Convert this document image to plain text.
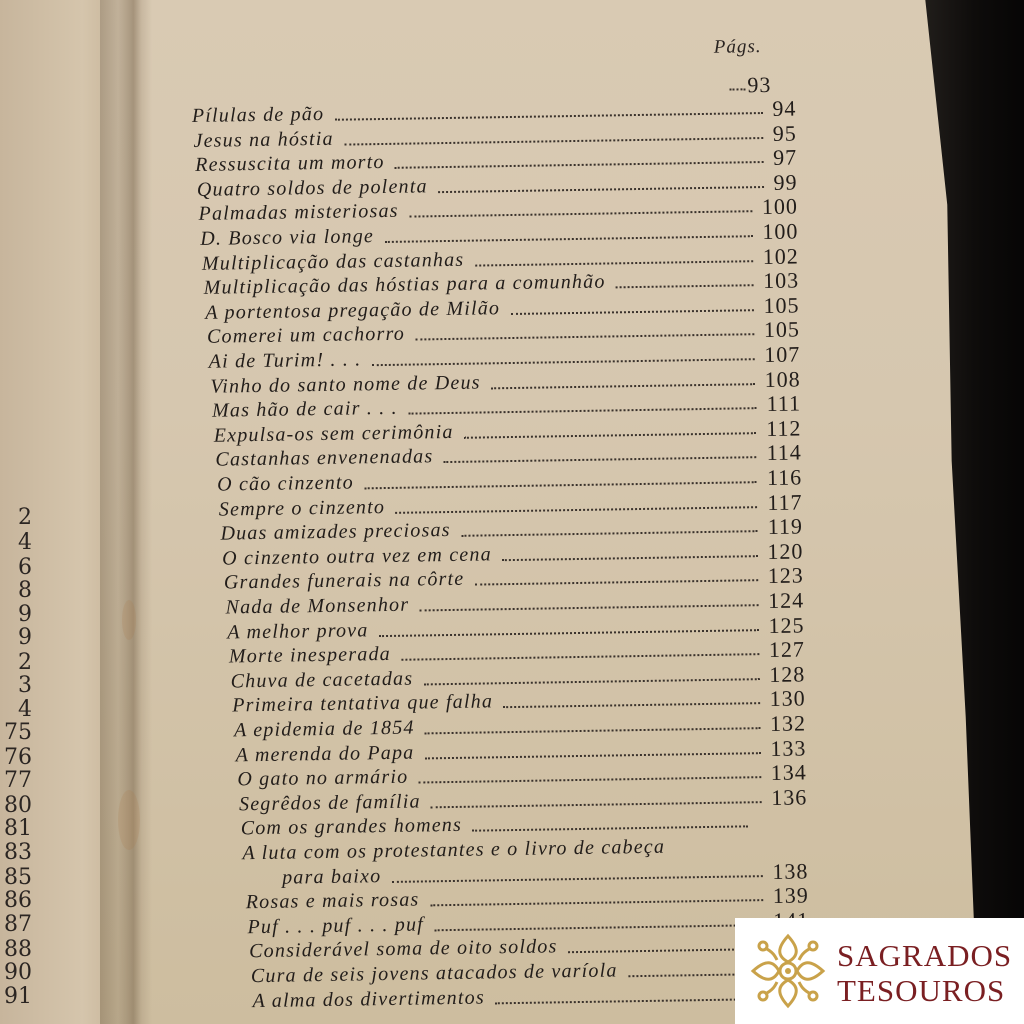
2
4
6
8
9
9
2
3
4
75
76
77
80
81
83
85
86
87
88
90
91
Págs.
93
Pílulas de pão	94
Jesus na hóstia	95
Ressuscita um morto	97
Quatro soldos de polenta	99
Palmadas misteriosas	100
D. Bosco via longe	100
Multiplicação das castanhas	102
Multiplicação das hóstias para a comunhão	103
A portentosa pregação de Milão	105
Comerei um cachorro	105
Ai de Turim! . . .	107
Vinho do santo nome de Deus	108
Mas hão de cair . . .	111
Expulsa-os sem cerimônia	112
Castanhas envenenadas	114
O cão cinzento	116
Sempre o cinzento	117
Duas amizades preciosas	119
O cinzento outra vez em cena	120
Grandes funerais na côrte	123
Nada de Monsenhor	124
A melhor prova	125
Morte inesperada	127
Chuva de cacetadas	128
Primeira tentativa que falha	130
A epidemia de 1854	132
A merenda do Papa	133
O gato no armário	134
Segrêdos de família	136
Com os grandes homens
A luta com os protestantes e o livro de cabeça
para baixo	138
Rosas e mais rosas	139
Puf . . . puf . . . puf
Considerável soma de oito soldos
Cura de seis jovens atacados de varíola
A alma dos divertimentos
SAGRADOS
TESOUROS
